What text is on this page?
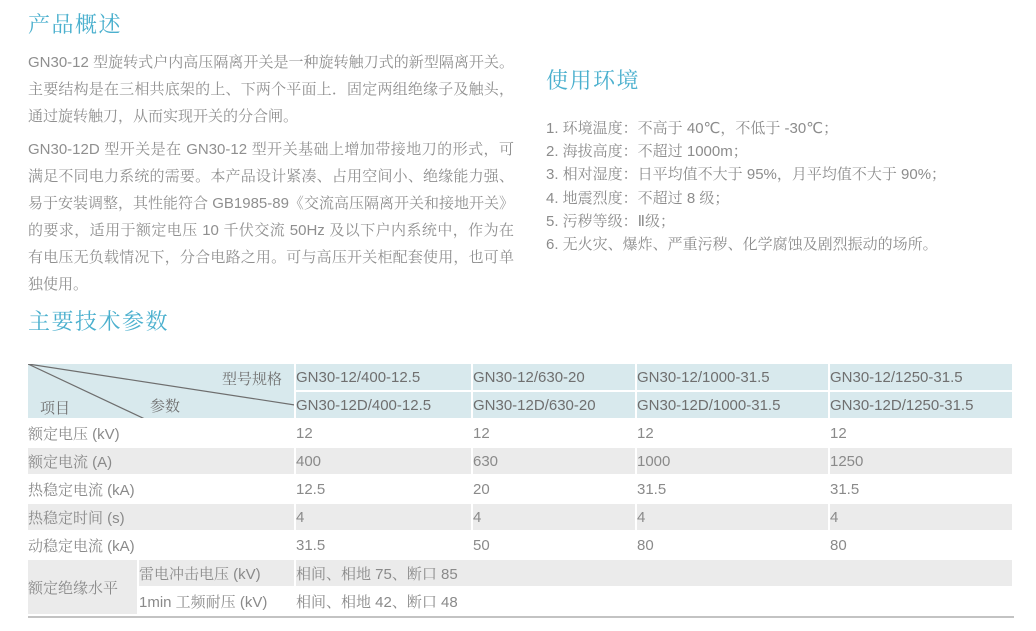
产品概述
GN30-12 型旋转式户内高压隔离开关是一种旋转触刀式的新型隔离开关。主要结构是在三相共底架的上、下两个平面上．固定两组绝缘子及触头，通过旋转触刀，从而实现开关的分合闸。
GN30-12D 型开关是在 GN30-12 型开关基础上增加带接地刀的形式，可满足不同电力系统的需要。本产品设计紧凑、占用空间小、绝缘能力强、易于安装调整，其性能符合 GB1985-89《交流高压隔离开关和接地开关》的要求，适用于额定电压 10 千伏交流 50Hz 及以下户内系统中，作为在有电压无负载情况下，分合电路之用。可与高压开关柜配套使用，也可单独使用。
使用环境
1. 环境温度：不高于 40℃，不低于 -30℃；
2. 海拔高度：不超过 1000m；
3. 相对湿度：日平均值不大于 95%，月平均值不大于 90%；
4. 地震烈度：不超过 8 级；
5. 污秽等级：Ⅱ级；
6. 无火灾、爆炸、严重污秽、化学腐蚀及剧烈振动的场所。
主要技术参数
型号规格
参数
项目		GN30-12/400-12.5	GN30-12/630-20	GN30-12/1000-31.5	GN30-12/1250-31.5
		GN30-12D/400-12.5	GN30-12D/630-20	GN30-12D/1000-31.5	GN30-12D/1250-31.5
额定电压 (kV)		12	12	12	12
额定电流 (A)		400	630	1000	1250
热稳定电流 (kA)		12.5	20	31.5	31.5
热稳定时间 (s)		4	4	4	4
动稳定电流 (kA)		31.5	50	80	80
额定绝缘水平	雷电冲击电压 (kV)	相间、相地 75、断口 85			
	1min 工频耐压 (kV)	相间、相地 42、断口 48			
